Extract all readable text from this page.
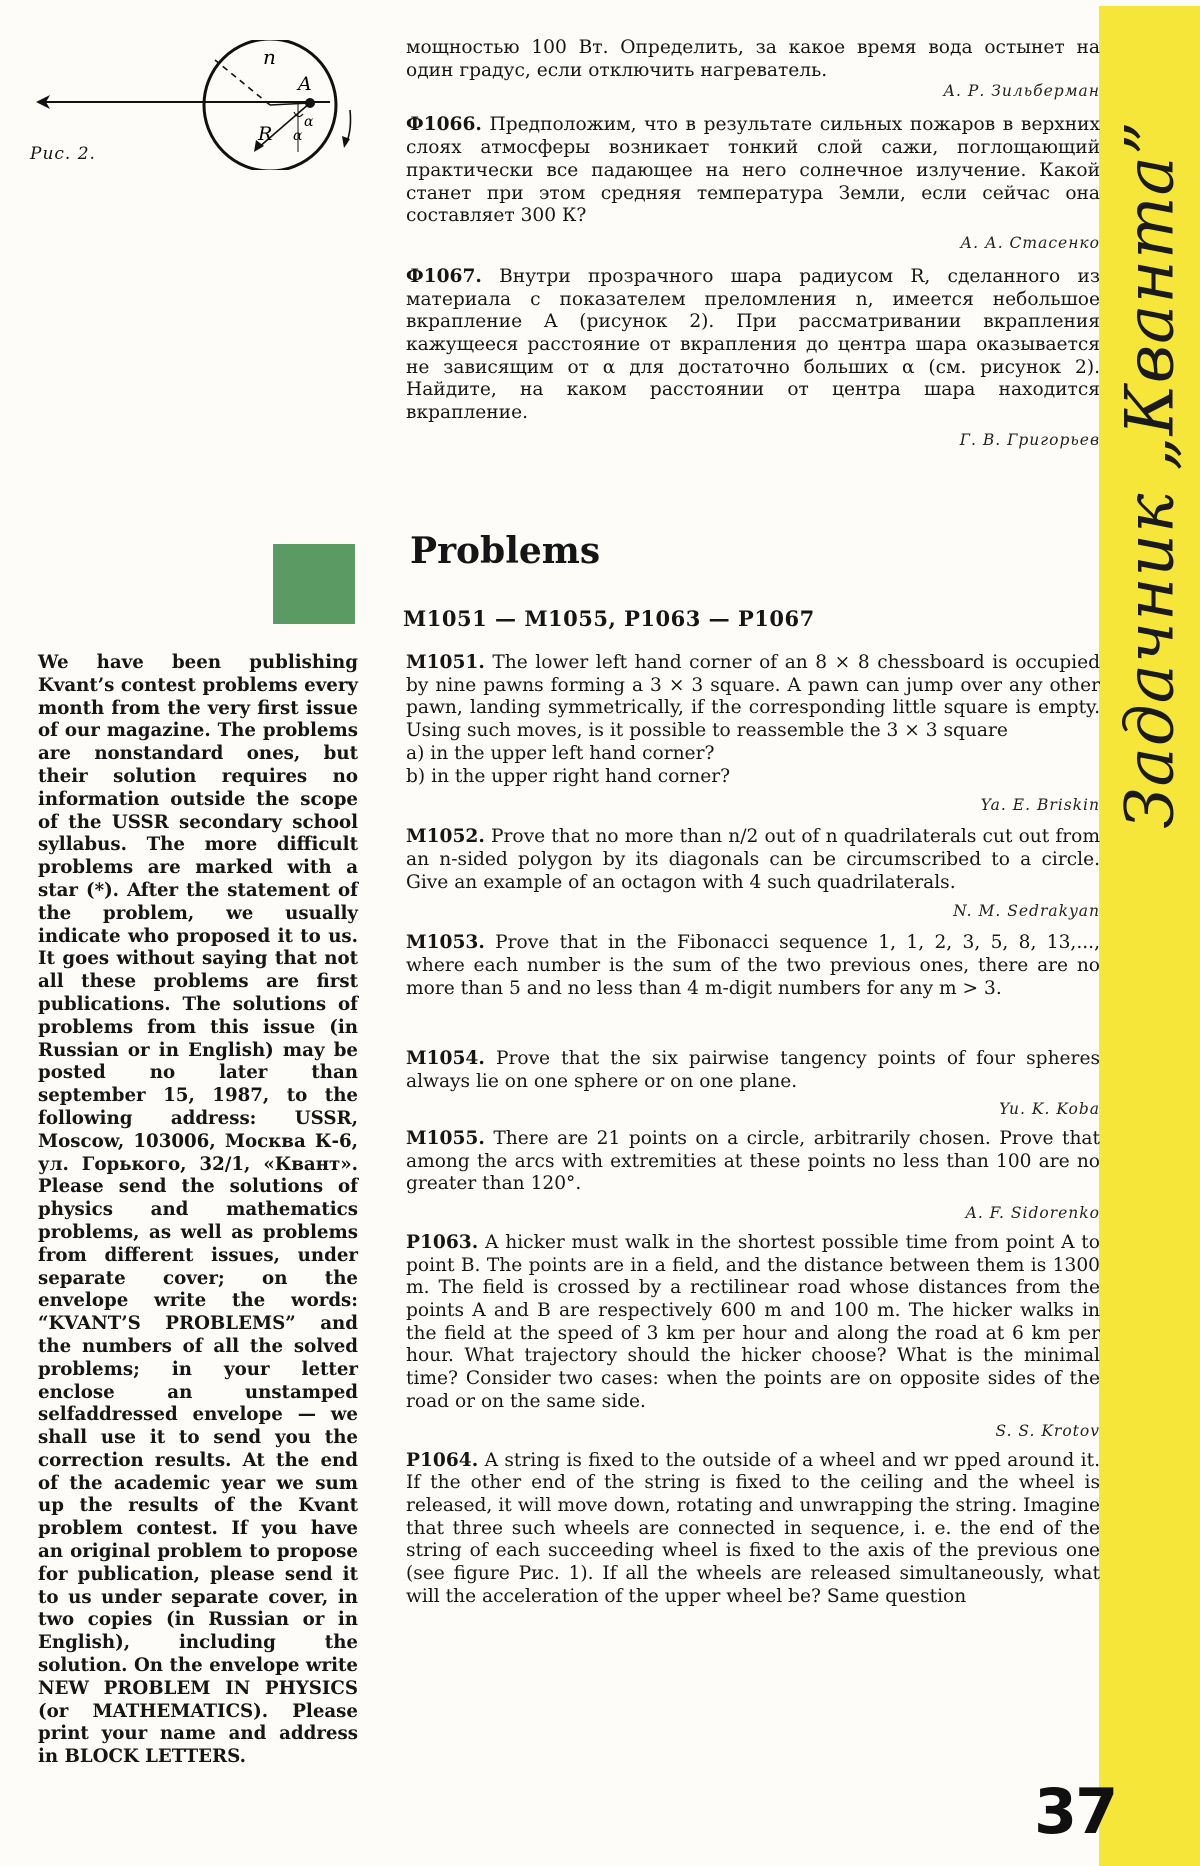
Задачник „Кванта”
n
A
R
α
α
Рис. 2.
We have been publishing Kvant’s contest problems every month from the very first issue of our magazine. The problems are nonstandard ones, but their solution requires no information outside the scope of the USSR secondary school syllabus. The more difficult problems are marked with a star (*). After the statement of the problem, we usually indicate who proposed it to us. It goes without saying that not all these problems are first publications. The solutions of problems from this issue (in Russian or in English) may be posted no later than september 15, 1987, to the following address: USSR, Moscow, 103006, Москва К-6, ул. Горького, 32/1, «Квант». Please send the solutions of physics and mathematics problems, as well as problems from different issues, under separate cover; on the envelope write the words: “KVANT’S PROBLEMS” and the numbers of all the solved problems; in your letter enclose an unstamped selfaddressed envelope — we shall use it to send you the correction results. At the end of the academic year we sum up the results of the Kvant problem contest. If you have an original problem to propose for publication, please send it to us under separate cover, in two copies (in Russian or in English), including the solution. On the envelope write NEW PROBLEM IN PHYSICS (or MATHEMATICS). Please print your name and address in BLOCK LETTERS.
мощностью 100 Вт. Определить, за какое время вода остынет на один градус, если отключить нагреватель.
А. Р. Зильберман
Ф1066. Предположим, что в результате сильных пожаров в верхних слоях атмосферы возникает тонкий слой сажи, поглощающий практически все падающее на него солнечное излучение. Какой станет при этом средняя температура Земли, если сейчас она составляет 300 К?
А. А. Стасенко
Ф1067. Внутри прозрачного шара радиусом R, сделанного из материала с показателем преломления n, имеется небольшое вкрапление A (рисунок 2). При рассматривании вкрапления кажущееся расстояние от вкрапления до центра шара оказывается не зависящим от α для достаточно больших α (см. рисунок 2). Найдите, на каком расстоянии от центра шара находится вкрапление.
Г. В. Григорьев
Problems
M1051 — M1055, P1063 — P1067
M1051. The lower left hand corner of an 8 × 8 chessboard is occupied by nine pawns forming a 3 × 3 square. A pawn can jump over any other pawn, landing symmetrically, if the corresponding little square is empty. Using such moves, is it possible to reassemble the 3 × 3 square
a) in the upper left hand corner?
b) in the upper right hand corner?
Ya. E. Briskin
M1052. Prove that no more than n/2 out of n quadrilaterals cut out from an n-sided polygon by its diagonals can be circumscribed to a circle. Give an example of an octagon with 4 such quadrilaterals.
N. M. Sedrakyan
M1053. Prove that in the Fibonacci sequence 1, 1, 2, 3, 5, 8, 13,..., where each number is the sum of the two previous ones, there are no more than 5 and no less than 4 m-digit numbers for any m > 3.
M1054. Prove that the six pairwise tangency points of four spheres always lie on one sphere or on one plane.
Yu. K. Koba
M1055. There are 21 points on a circle, arbitrarily chosen. Prove that among the arcs with extremities at these points no less than 100 are no greater than 120°.
A. F. Sidorenko
P1063. A hicker must walk in the shortest possible time from point A to point B. The points are in a field, and the distance between them is 1300 m. The field is crossed by a rectilinear road whose distances from the points A and B are respectively 600 m and 100 m. The hicker walks in the field at the speed of 3 km per hour and along the road at 6 km per hour. What trajectory should the hicker choose? What is the minimal time? Consider two cases: when the points are on opposite sides of the road or on the same side.
S. S. Krotov
P1064. A string is fixed to the outside of a wheel and wr pped around it. If the other end of the string is fixed to the ceiling and the wheel is released, it will move down, rotating and unwrapping the string. Imagine that three such wheels are connected in sequence, i. e. the end of the string of each succeeding wheel is fixed to the axis of the previous one (see figure Рис. 1). If all the wheels are released simultaneously, what will the acceleration of the upper wheel be? Same question
37
